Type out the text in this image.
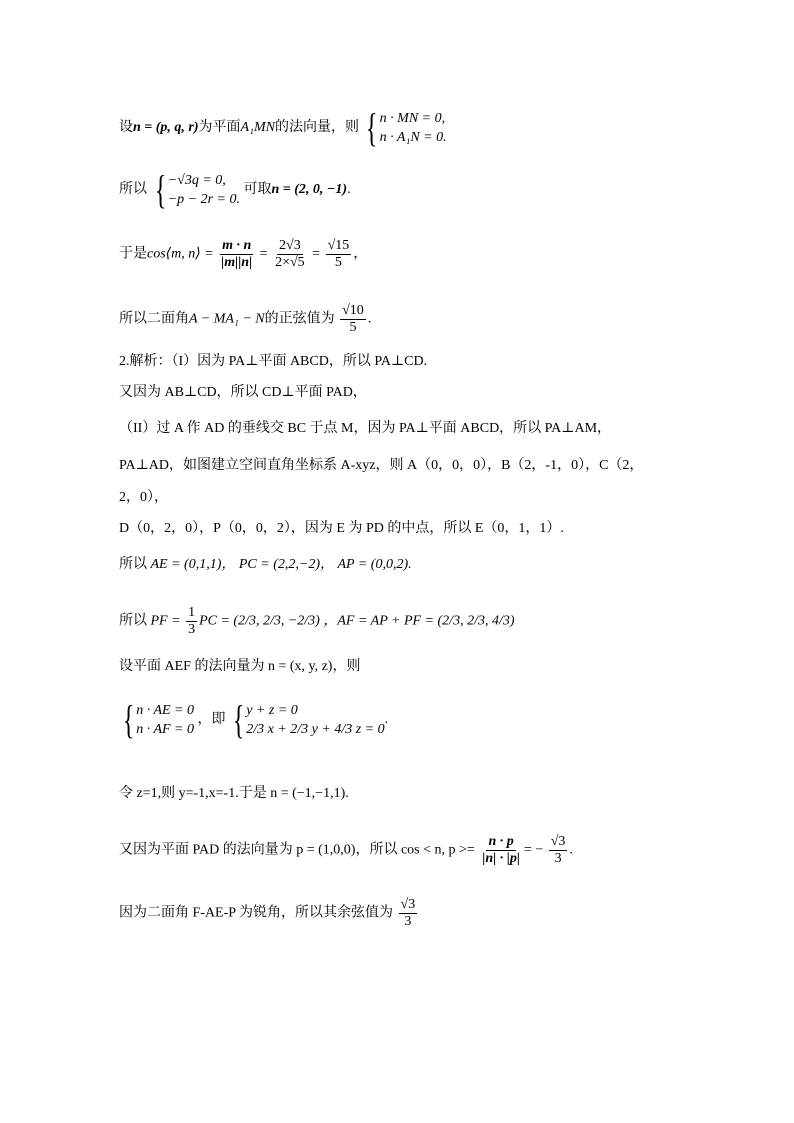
设n = (p, q, r)为平面A₁MN的法向量，则 { n · MN = 0,
n · A₁N = 0.
所以 { −√3q = 0,
−p − 2r = 0.
可取n = (2, 0, −1).
于是cos⟨m, n⟩ = $\frac{m \cdot n}{|m||n|} = \frac{2√3}{2\times√5} = \frac{√15}{5}$ ，
所以二面角A − MA₁ − N的正弦值为 $\frac{√10}{5}$ .
2.解析：（I）因为 PA⊥平面 ABCD，所以 PA⊥CD.
又因为 AB⊥CD，所以 CD⊥平面 PAD，
（II）过 A 作 AD 的垂线交 BC 于点 M，因为 PA⊥平面 ABCD，所以 PA⊥AM，
PA⊥AD，如图建立空间直角坐标系 A-xyz，则 A（0，0，0），B（2，-1，0），C（2，
2，0），
D（0，2，0），P（0，0，2），因为 E 为 PD 的中点，所以 E（0，1，1）.
所以 AE = (0,1,1)， PC = (2,2,−2)， AP = (0,0,2).
所以 PF = $\frac{1}{3}$ PC = (2/3, 2/3, −2/3) ，AF = AP + PF = (2/3, 2/3, 4/3)
设平面 AEF 的法向量为 n = (x, y, z)，则
{ n · AE = 0
n · AF = 0
，即 { y + z = 0
2/3 x + 2/3 y + 4/3 z = 0
.
令 z=1,则 y=-1,x=-1.于是 n = (−1,−1,1).
又因为平面 PAD 的法向量为 p = (1,0,0)，所以 cos < n, $p >= \frac{n \cdot p}{|n| \cdot |p|}$ = − $\frac{√3}{3}$ .
因为二面角 F-AE-P 为锐角，所以其余弦值为 $\frac{√3}{3}$
